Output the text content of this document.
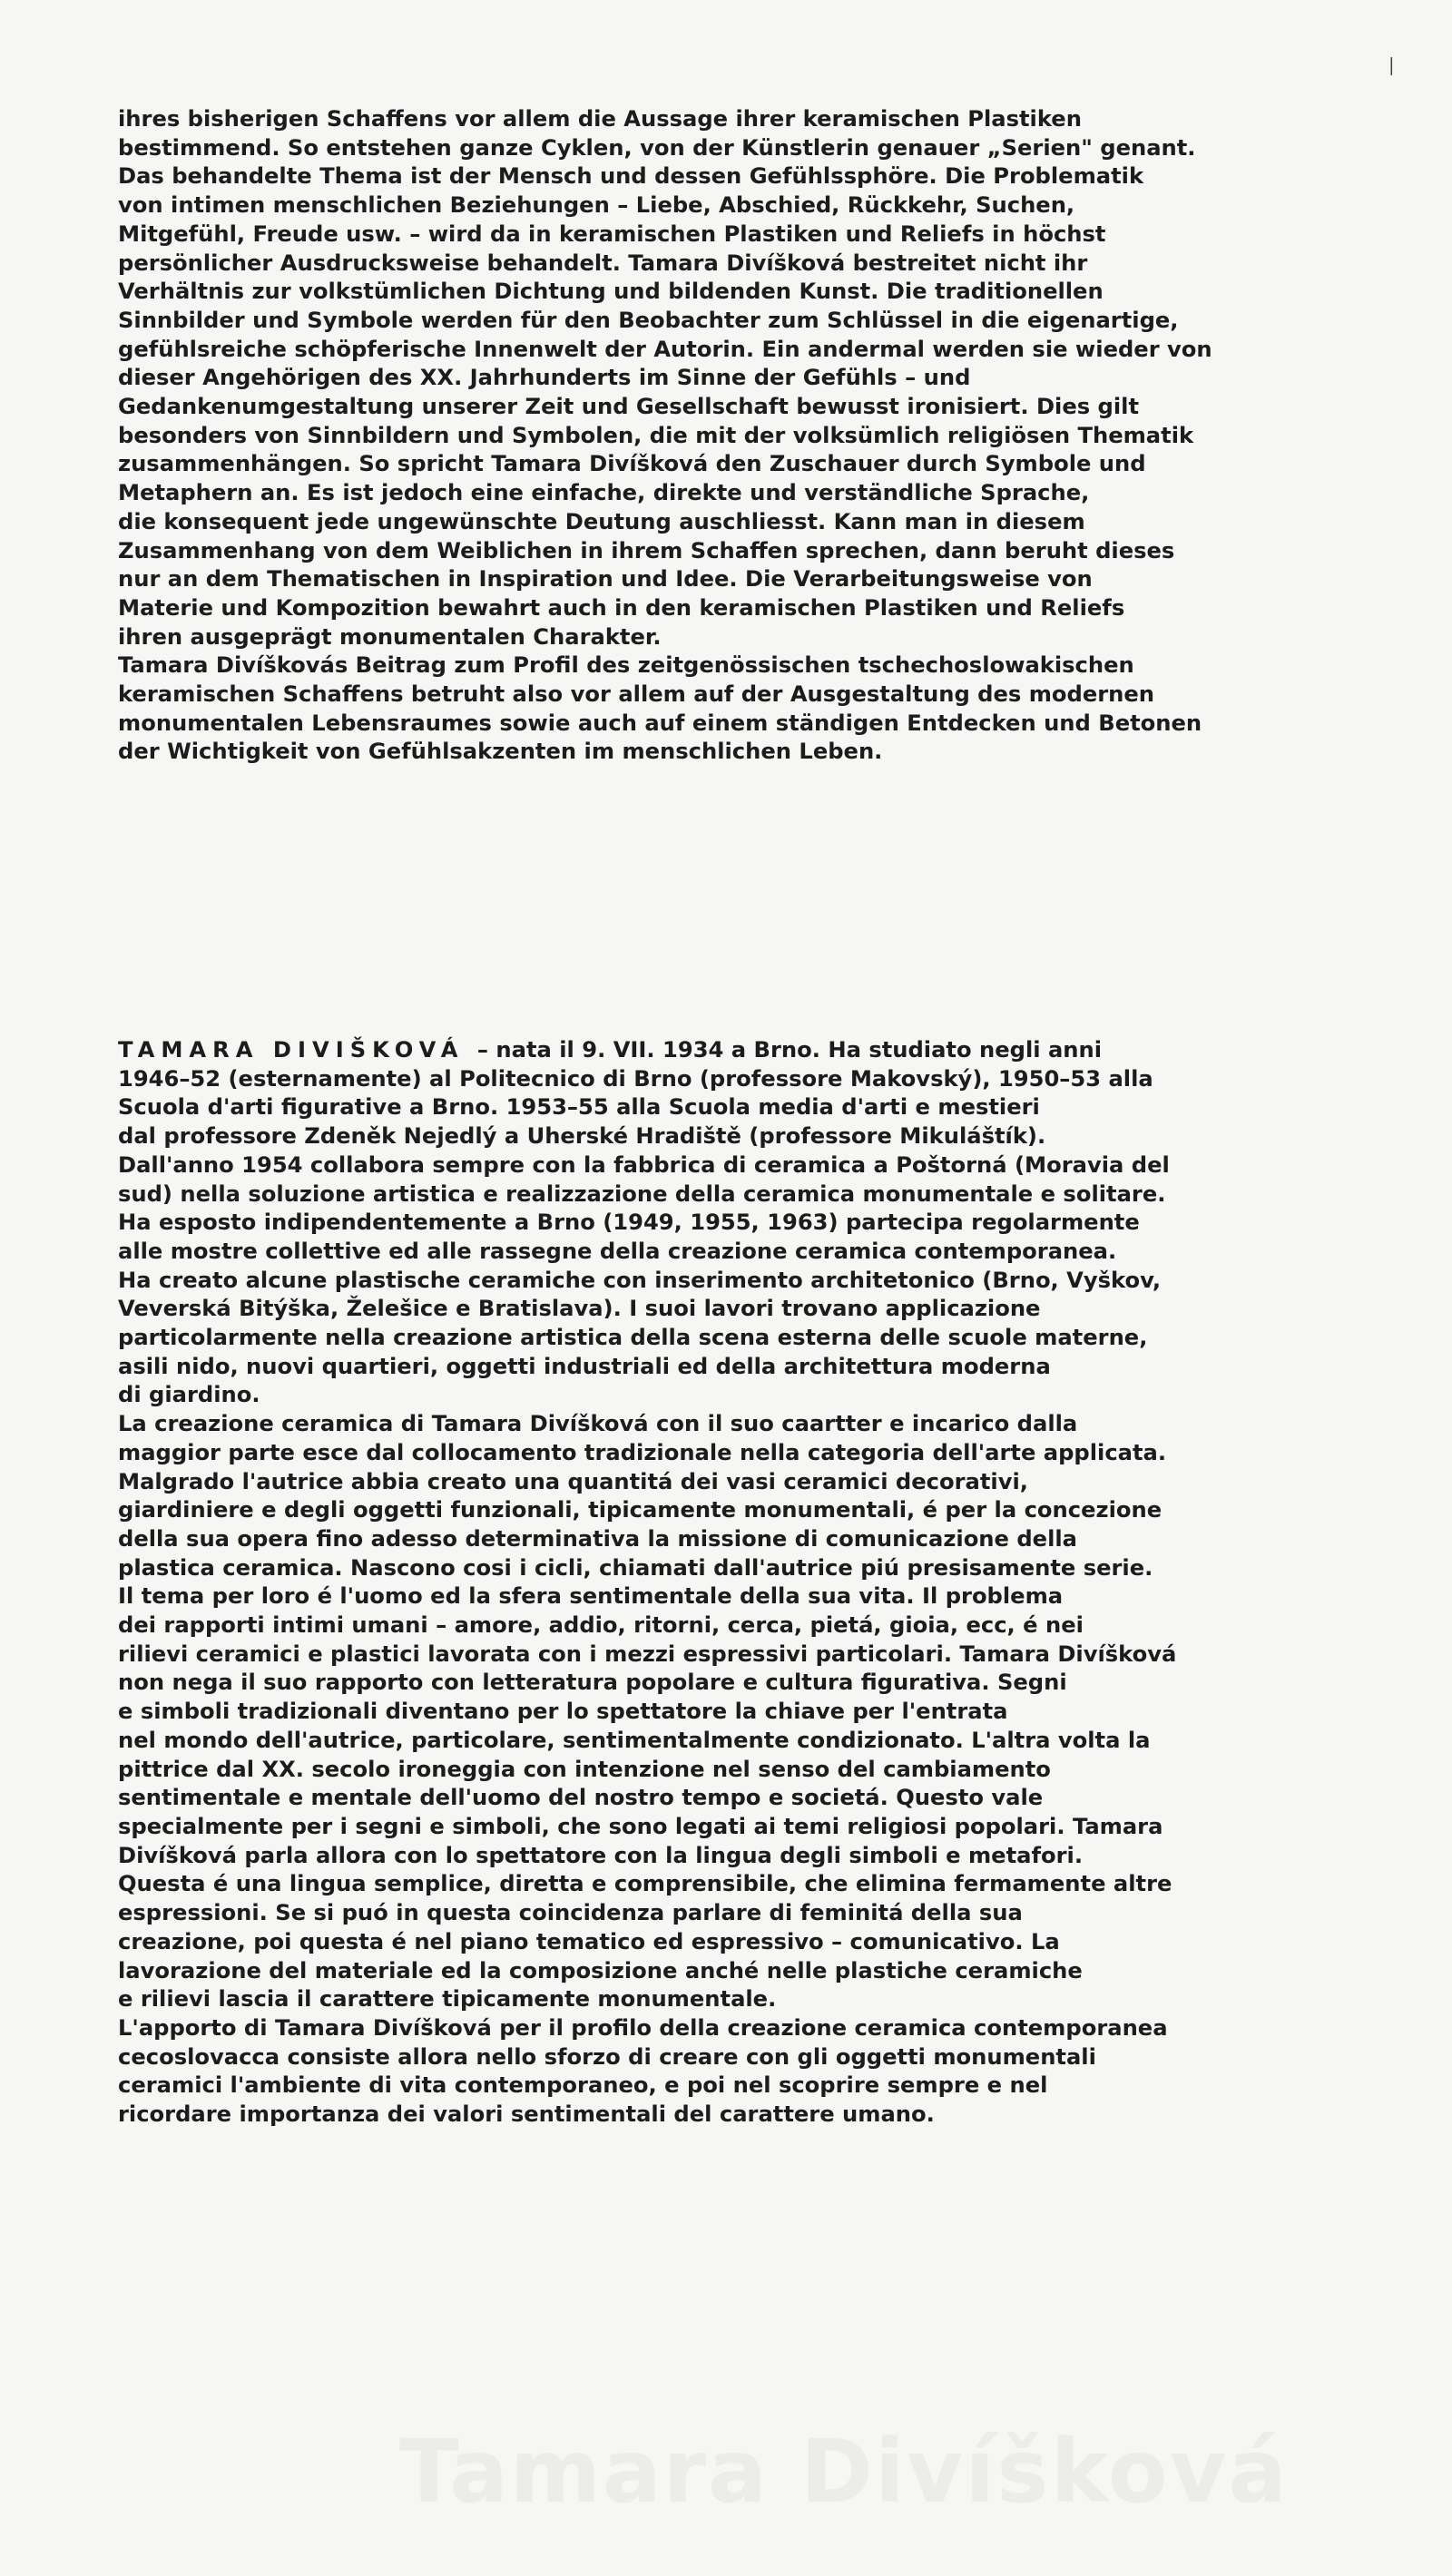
—
ihres bisherigen Schaffens vor allem die Aussage ihrer keramischen Plastiken
bestimmend. So entstehen ganze Cyklen, von der Künstlerin genauer „Serien" genant.
Das behandelte Thema ist der Mensch und dessen Gefühlssphöre. Die Problematik
von intimen menschlichen Beziehungen – Liebe, Abschied, Rückkehr, Suchen,
Mitgefühl, Freude usw. – wird da in keramischen Plastiken und Reliefs in höchst
persönlicher Ausdrucksweise behandelt. Tamara Divíšková bestreitet nicht ihr
Verhältnis zur volkstümlichen Dichtung und bildenden Kunst. Die traditionellen
Sinnbilder und Symbole werden für den Beobachter zum Schlüssel in die eigenartige,
gefühlsreiche schöpferische Innenwelt der Autorin. Ein andermal werden sie wieder von
dieser Angehörigen des XX. Jahrhunderts im Sinne der Gefühls – und
Gedankenumgestaltung unserer Zeit und Gesellschaft bewusst ironisiert. Dies gilt
besonders von Sinnbildern und Symbolen, die mit der volksümlich religiösen Thematik
zusammenhängen. So spricht Tamara Divíšková den Zuschauer durch Symbole und
Metaphern an. Es ist jedoch eine einfache, direkte und verständliche Sprache,
die konsequent jede ungewünschte Deutung auschliesst. Kann man in diesem
Zusammenhang von dem Weiblichen in ihrem Schaffen sprechen, dann beruht dieses
nur an dem Thematischen in Inspiration und Idee. Die Verarbeitungsweise von
Materie und Kompozition bewahrt auch in den keramischen Plastiken und Reliefs
ihren ausgeprägt monumentalen Charakter.
Tamara Divíškovás Beitrag zum Profil des zeitgenössischen tschechoslowakischen
keramischen Schaffens betruht also vor allem auf der Ausgestaltung des modernen
monumentalen Lebensraumes sowie auch auf einem ständigen Entdecken und Betonen
der Wichtigkeit von Gefühlsakzenten im menschlichen Leben.
TAMARA DIVIŠKOVÁ – nata il 9. VII. 1934 a Brno. Ha studiato negli anni
1946–52 (esternamente) al Politecnico di Brno (professore Makovský), 1950–53 alla
Scuola d'arti figurative a Brno. 1953–55 alla Scuola media d'arti e mestieri
dal professore Zdeněk Nejedlý a Uherské Hradiště (professore Mikuláštík).
Dall'anno 1954 collabora sempre con la fabbrica di ceramica a Poštorná (Moravia del
sud) nella soluzione artistica e realizzazione della ceramica monumentale e solitare.
Ha esposto indipendentemente a Brno (1949, 1955, 1963) partecipa regolarmente
alle mostre collettive ed alle rassegne della creazione ceramica contemporanea.
Ha creato alcune plastische ceramiche con inserimento architetonico (Brno, Vyškov,
Veverská Bitýška, Želešice e Bratislava). I suoi lavori trovano applicazione
particolarmente nella creazione artistica della scena esterna delle scuole materne,
asili nido, nuovi quartieri, oggetti industriali ed della architettura moderna
di giardino.
La creazione ceramica di Tamara Divíšková con il suo caartter e incarico dalla
maggior parte esce dal collocamento tradizionale nella categoria dell'arte applicata.
Malgrado l'autrice abbia creato una quantitá dei vasi ceramici decorativi,
giardiniere e degli oggetti funzionali, tipicamente monumentali, é per la concezione
della sua opera fino adesso determinativa la missione di comunicazione della
plastica ceramica. Nascono cosi i cicli, chiamati dall'autrice piú presisamente serie.
Il tema per loro é l'uomo ed la sfera sentimentale della sua vita. Il problema
dei rapporti intimi umani – amore, addio, ritorni, cerca, pietá, gioia, ecc, é nei
rilievi ceramici e plastici lavorata con i mezzi espressivi particolari. Tamara Divíšková
non nega il suo rapporto con letteratura popolare e cultura figurativa. Segni
e simboli tradizionali diventano per lo spettatore la chiave per l'entrata
nel mondo dell'autrice, particolare, sentimentalmente condizionato. L'altra volta la
pittrice dal XX. secolo ironeggia con intenzione nel senso del cambiamento
sentimentale e mentale dell'uomo del nostro tempo e societá. Questo vale
specialmente per i segni e simboli, che sono legati ai temi religiosi popolari. Tamara
Divíšková parla allora con lo spettatore con la lingua degli simboli e metafori.
Questa é una lingua semplice, diretta e comprensibile, che elimina fermamente altre
espressioni. Se si puó in questa coincidenza parlare di feminitá della sua
creazione, poi questa é nel piano tematico ed espressivo – comunicativo. La
lavorazione del materiale ed la composizione anché nelle plastiche ceramiche
e rilievi lascia il carattere tipicamente monumentale.
L'apporto di Tamara Divíšková per il profilo della creazione ceramica contemporanea
cecoslovacca consiste allora nello sforzo di creare con gli oggetti monumentali
ceramici l'ambiente di vita contemporaneo, e poi nel scoprire sempre e nel
ricordare importanza dei valori sentimentali del carattere umano.
Tamara Divíšková
